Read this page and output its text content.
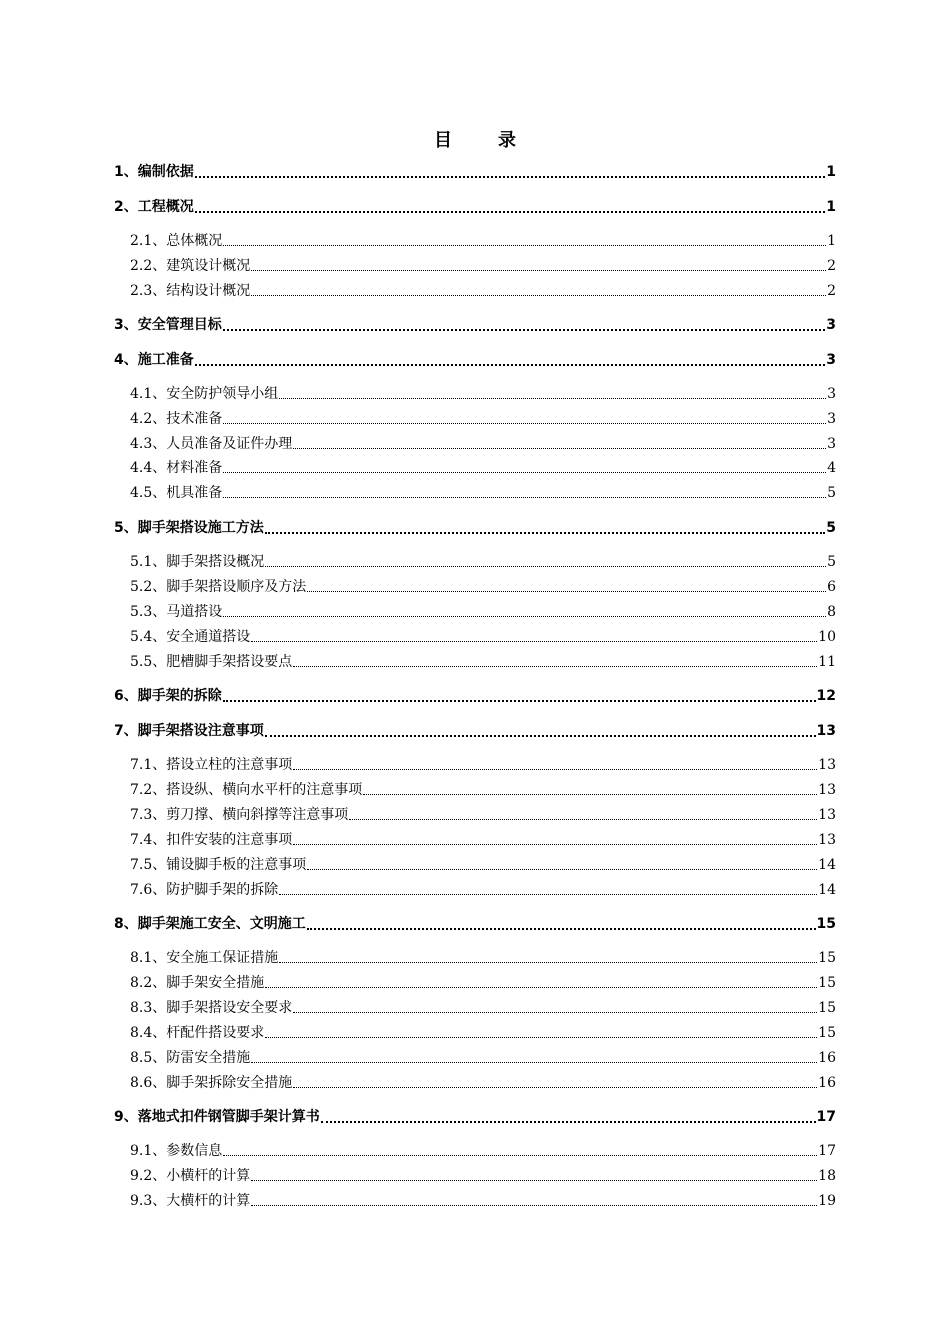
目　录
1、编制依据	1
2、工程概况	1
2.1、总体概况	1
2.2、建筑设计概况	2
2.3、结构设计概况	2
3、安全管理目标	3
4、施工准备	3
4.1、安全防护领导小组	3
4.2、技术准备	3
4.3、人员准备及证件办理	3
4.4、材料准备	4
4.5、机具准备	5
5、脚手架搭设施工方法	5
5.1、脚手架搭设概况	5
5.2、脚手架搭设顺序及方法	6
5.3、马道搭设	8
5.4、安全通道搭设	10
5.5、肥槽脚手架搭设要点	11
6、脚手架的拆除	12
7、脚手架搭设注意事项	13
7.1、搭设立柱的注意事项	13
7.2、搭设纵、横向水平杆的注意事项	13
7.3、剪刀撑、横向斜撑等注意事项	13
7.4、扣件安装的注意事项	13
7.5、铺设脚手板的注意事项	14
7.6、防护脚手架的拆除	14
8、脚手架施工安全、文明施工	15
8.1、安全施工保证措施	15
8.2、脚手架安全措施	15
8.3、脚手架搭设安全要求	15
8.4、杆配件搭设要求	15
8.5、防雷安全措施	16
8.6、脚手架拆除安全措施	16
9、落地式扣件钢管脚手架计算书	17
9.1、参数信息	17
9.2、小横杆的计算	18
9.3、大横杆的计算	19
